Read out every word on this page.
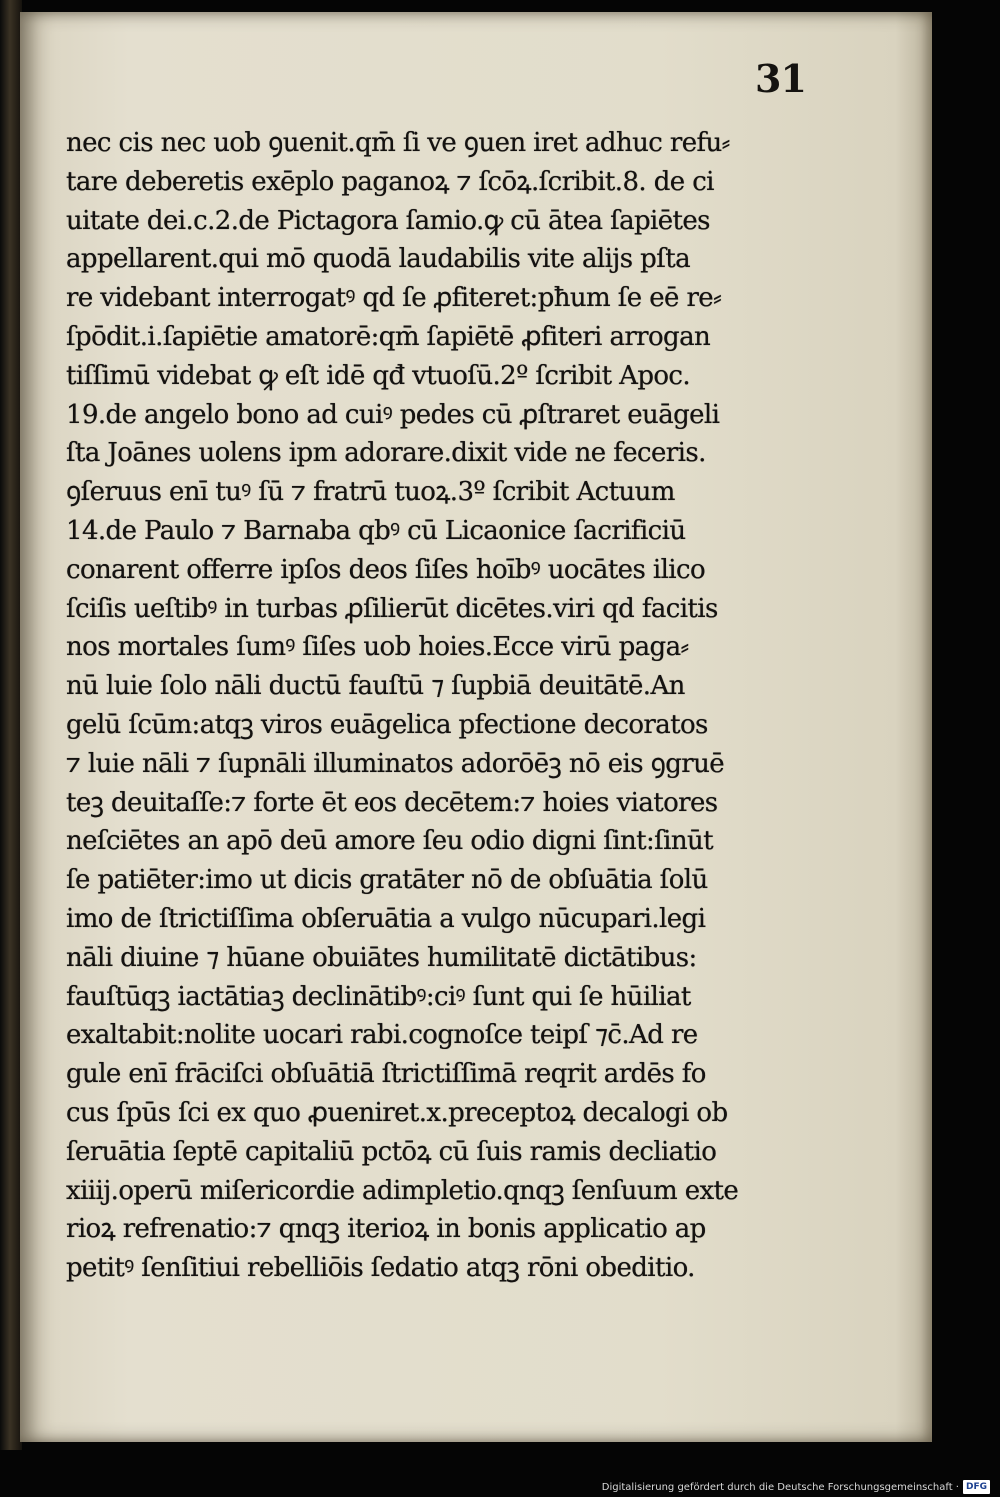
31
nec cis nec uob ꝯuenit.qm̄ ſi ve ꝯuen iret adhuc refu⸗
tare deberetis exēplo paganoꝝ ⁊ ſcōꝝ.ſcribit.8. de ci
uitate dei.c.2.de Pictagora ſamio.ꝙ cū ātea ſapiētes
appellarent.qui mō quodā laudabilis vite alijs pſta
re videbant interrogatꝰ qd ſe ꝓfiteret:pħum ſe eē re⸗
ſpōdit.i.ſapiētie amatorē:qm̄ ſapiētē ꝓfiteri arrogan
tiſſimū videbat ꝙ eſt idē qđ vtuoſū.2º ſcribit Apoc.
19.de angelo bono ad cuiꝰ pedes cū ꝓſtraret euāgeli
ſta Joānes uolens ipm adorare.dixit vide ne feceris.
ꝯſeruus enī tuꝰ ſū ⁊ fratrū tuoꝝ.3º ſcribit Actuum
14.de Paulo ⁊ Barnaba qbꝰ cū Licaonice ſacrificiū
conarent offerre ipſos deos ſiſes hoībꝰ uocātes ilico
ſciſis ueſtibꝰ in turbas ꝓſilierūt dicētes.viri qd facitis
nos mortales ſumꝰ ſiſes uob hoies.Ecce virū paga⸗
nū luie ſolo nāli ductū fauſtū ⁊ ſupbiā deuitātē.An
gelū ſcūm:atqꝫ viros euāgelica pfectione decoratos
⁊ luie nāli ⁊ ſupnāli illuminatos adorōēꝫ nō eis ꝯgruē
teꝫ deuitaſſe:⁊ forte ēt eos decētem:⁊ hoies viatores
neſciētes an apō deū amore ſeu odio digni ſint:ſinūt
ſe patiēter:imo ut dicis gratāter nō de obſuātia ſolū
imo de ſtrictiſſima obſeruātia a vulgo nūcupari.legi
nāli diuine ⁊ hūane obuiātes humilitatē dictātibus:
fauſtūqꝫ iactātiaꝫ declinātibꝰ:ciꝰ ſunt qui ſe hūiliat
exaltabit:nolite uocari rabi.cognoſce teipſ ⁊c̄.Ad re
gule enī frāciſci obſuātiā ſtrictiſſimā reqrit ardēs fo
cus ſpūs ſci ex quo ꝓueniret.x.preceptoꝝ decalogi ob
ſeruātia ſeptē capitaliū pctōꝝ cū ſuis ramis decliatio
xiiij.operū miſericordie adimpletio.qnqꝫ ſenſuum exte
rioꝝ refrenatio:⁊ qnqꝫ iterioꝝ in bonis applicatio ap
petitꝰ ſenſitiui rebelliōis ſedatio atqꝫ rōni obeditio.
Digitalisierung gefördert durch die Deutsche Forschungsgemeinschaft · DFG
